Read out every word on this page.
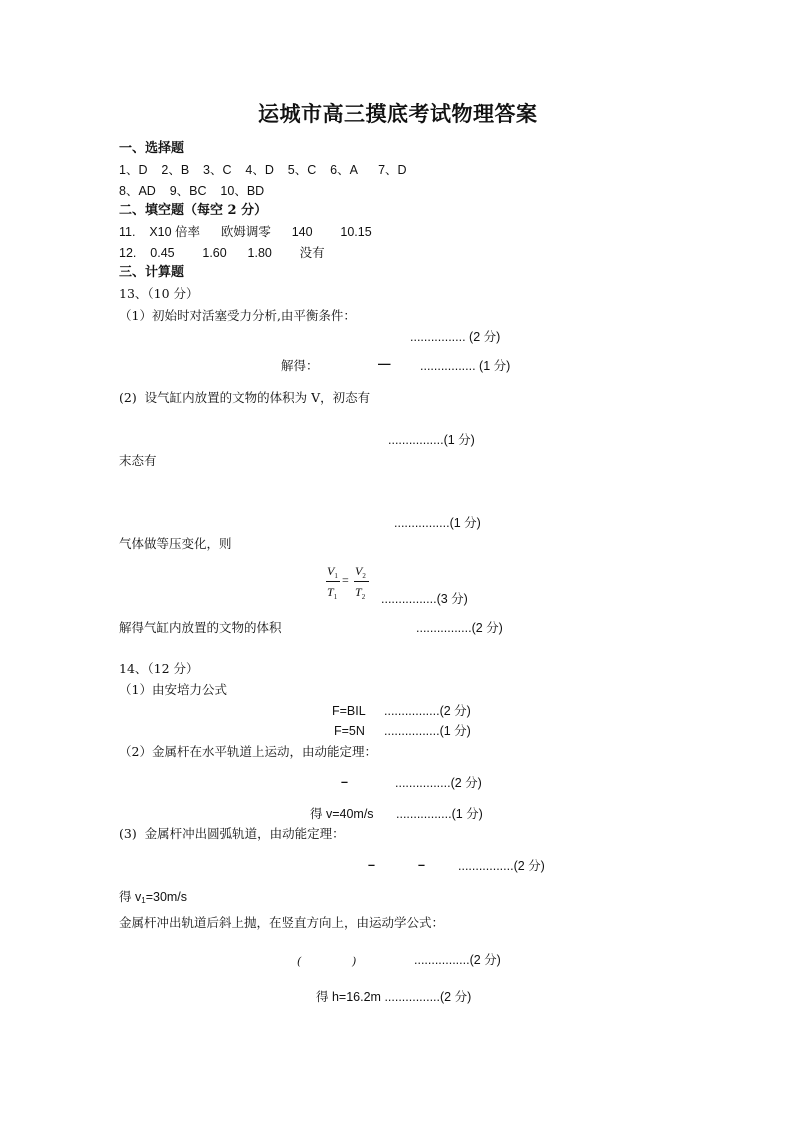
运城市高三摸底考试物理答案
一、选择题
1、D    2、B    3、C    4、D    5、C    6、A      7、D
8、AD    9、BC    10、BD
二、填空题（每空 2 分）
11.    X10 倍率      欧姆调零      140        10.15
12.    0.45        1.60      1.80        没有
三、计算题
13、（10 分）
（1）初始时对活塞受力分析,由平衡条件：
................ (2 分)
解得：	— ................ (1 分)
(2)  设气缸内放置的文物的体积为 V，初态有
................(1 分)
末态有
................(1 分)
气体做等压变化，则
$V_1$
$T_1$
=
$V_2$
$T_2$ ................(3 分)
解得气缸内放置的文物的体积	................(2 分)
14、（12 分）
（1）由安培力公式
F=BIL ................(2 分)
F=5N ................(1 分)
（2）金属杆在水平轨道上运动，由动能定理：
–	................(2 分)
得 v=40m/s ................(1 分)
(3)  金属杆冲出圆弧轨道，由动能定理：
–	–	................(2 分)
得 v1=30m/s
金属杆冲出轨道后斜上抛，在竖直方向上，由运动学公式：
(	)	................(2 分)
得 h=16.2m ................(2 分)
